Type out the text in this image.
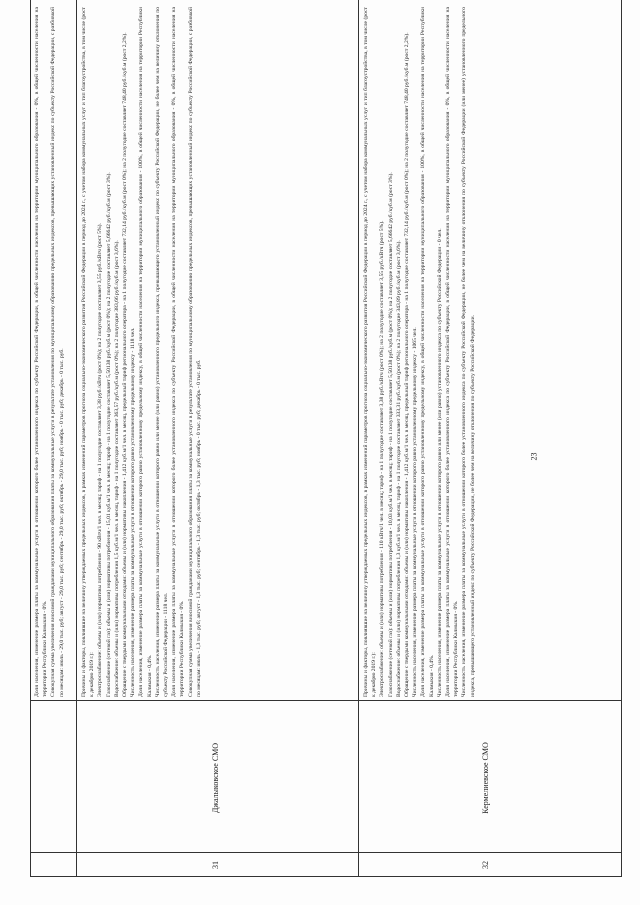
Доля населения, изменение размера платы за коммунальные услуги в отношении которого более установленного индекса по субъекту Российской Федерации, в общей численности населения на территории муниципального образования - 0%, в общей численности населения на территории Республики Калмыкия - 0%. Совокупная сумма увеличения вносимой гражданами муниципального образования платы за коммунальные услуги в результате установления по муниципальному образованию предельных индексов, превышающих установленный индекс по субъекту Российской Федерации, с разбивкой по месяцам: июль - 29,0 тыс. руб; август - 29,0 тыс. руб; сентябрь - 29,0 тыс. руб; октябрь - 29,0 тыс. руб; ноябрь - 0 тыс. руб; декабрь - 0 тыс. руб.

31
Джалыковское СМО

Причины и факторы, повлиявшие на величину утверждаемых предельных индексов, в рамках изменений параметров прогноза социально-экономического развития Российской Федерации в период до 2024 г., с учетом набора коммунальных услуг и тип благоустройства, в том числе (рост к декабрю 2019 г.): Электроснабжение: объемы и (или) нормативы потребления - 90 кВтч/1 чел. в месяц; тариф - на 1 полугодие составляет 3,38 руб./кВтч (рост 0%); на 2 полугодие составляет 3,55 руб./кВтч (рост 5%). Газоснабжение (сетевой газ): объемы и (или) нормативы потребления - 15,01 куб.м/1 чел. в месяц; тариф - на 1 полугодие составляет 5,50138 руб./куб.м (рост 0%); на 2 полугодие составляет 5,66642 руб./куб.м (рост 3%). Водоснабжение: объемы и (или) нормативы потребления 1,5 куб.м/1 чел. в месяц, тариф - на 1 полугодие составляет 363,57 руб./куб.м (рост 0%); на 2 полугодие 383,66 руб./куб.м (рост 3,6%). Обращение с твердыми коммунальными отходами: объемы и (или) нормативы накопления - 1,412 куб.м/1 чел. в месяц, предельный тариф регионального оператора - на 1 полугодие составляет 732,14 руб./куб.м (рост 0%); на 2 полугодие составляет 748,40 руб./куб.м (рост 2,2%). Численность населения, изменение размера платы за коммунальные услуги в отношении которого равно установленному предельному индексу - 1118 чел. Доля населения, изменение размера платы за коммунальные услуги в отношении которого равно установленному предельному индексу, в общей численности населения на территории муниципального образования - 100%, в общей численности населения на территории Республики Калмыкия - 0,4%. Численность населения, изменение размера платы за коммунальные услуги в отношении которого равно или менее (или равно) установленного предельного индекса, превышающего установленный индекс по субъекту Российской Федерации, не более чем на величину отклонения по субъекту Российской Федерации - 1118 чел. Доля населения, изменение размера платы за коммунальные услуги в отношении которого более установленного индекса по субъекту Российской Федерации, в общей численности населения на территории муниципального образования - 0%, в общей численности населения на территории Республики Калмыкия - 0%. Совокупная сумма увеличения вносимой гражданами муниципального образования платы за коммунальные услуги в результате установления по муниципальному образованию предельных индексов, превышающих установленный индекс по субъекту Российской Федерации, с разбивкой по месяцам: июль - 1,3 тыс. руб; август - 1,3 тыс. руб; сентябрь - 1,3 тыс. руб; октябрь - 1,3 тыс. руб; ноябрь - 0 тыс. руб; декабрь - 0 тыс. руб.

32
Кермелиевское СМО

Причины и факторы, повлиявшие на величину утверждаемых предельных индексов, в рамках изменений параметров прогноза социально-экономического развития Российской Федерации в период до 2024 г., с учетом набора коммунальных услуг и тип благоустройства, в том числе (рост к декабрю 2019 г.): Электроснабжение: объемы и (или) нормативы потребления - 110 кВтч/1 чел. в месяц; тариф - на 1 полугодие составляет 3,38 руб./кВтч (рост 0%); на 2 полугодие составляет 3,55 руб./кВтч (рост 5%). Газоснабжение (сетевой газ): объемы и (или) нормативы потребления - 10,03 куб.м/1 чел. в месяц; тариф - на 1 полугодие составляет 5,50138 руб./куб.м (рост 0%); на 2 полугодие составляет 5,66642 руб./куб.м (рост 3%). Водоснабжение: объемы и (или) нормативы потребления 1,3 куб.м/1 чел. в месяц, тариф - на 1 полугодие составляет 333,31 руб./куб.м (рост 0%); на 2 полугодие 343,89 руб./куб.м (рост 3,6%). Обращение с твердыми коммунальными отходами: объемы и (или) нормативы накопления - 1,412 куб.м/1 чел. в месяц, предельный тариф регионального оператора - на 1 полугодие составляет 732,14 руб./куб.м (рост 0%); на 2 полугодие составляет 748,40 руб./куб.м (рост 2,2%). Численность населения, изменение размера платы за коммунальные услуги в отношении которого равно установленному предельному индексу - 1065 чел. Доля населения, изменение размера платы за коммунальные услуги в отношении которого равно установленному предельному индексу, в общей численности населения на территории муниципального образования - 100%, в общей численности населения на территории Республики Калмыкия - 0,4%. Численность населения, изменение размера платы за коммунальные услуги в отношении которого равно или менее (или равно) установленного индекса по субъекту Российской Федерации - 0 чел. Доля населения, изменение размера платы за коммунальные услуги в отношении которого более установленного индекса по субъекту Российской Федерации, в общей численности населения на территории муниципального образования - 0%, в общей численности населения на территории Республики Калмыкия - 0%. Численность населения, изменение размера платы за коммунальные услуги в отношении которого более установленного индекса по субъекту Российской Федерации, не более чем на величину отклонения по субъекту Российской Федерации (или менее) установленного предельного индекса, превышающего установленный индекс по субъекту Российской Федерации, не более чем на величину отклонения по субъекту Российской Федерации.	23
